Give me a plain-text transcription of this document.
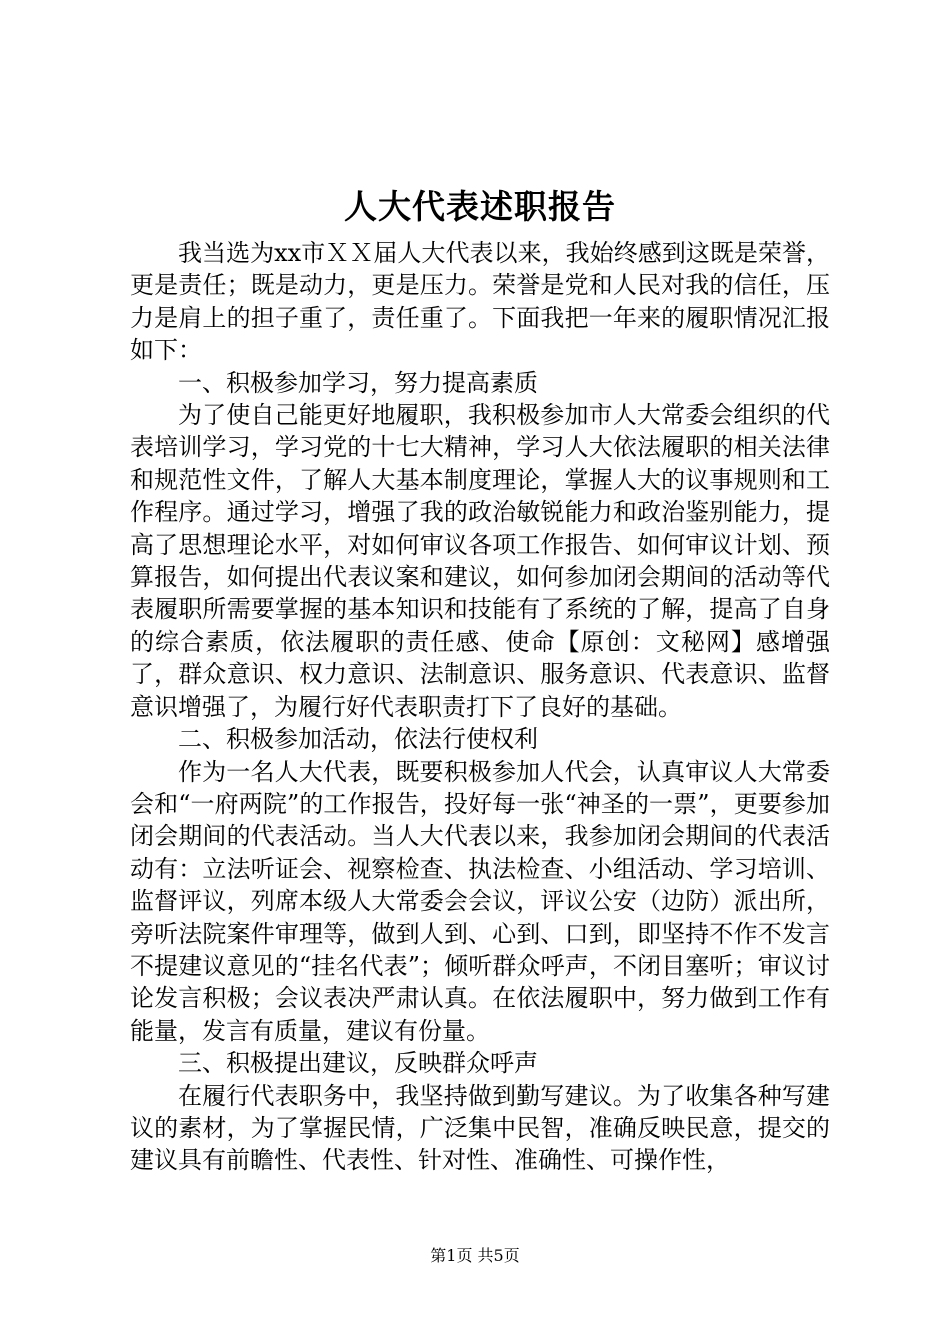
人大代表述职报告

我当选为xx市ＸＸ届人大代表以来，我始终感到这既是荣誉，更是责任；既是动力，更是压力。荣誉是党和人民对我的信任，压力是肩上的担子重了，责任重了。下面我把一年来的履职情况汇报如下：

一、积极参加学习，努力提高素质

为了使自己能更好地履职，我积极参加市人大常委会组织的代表培训学习，学习党的十七大精神，学习人大依法履职的相关法律和规范性文件，了解人大基本制度理论，掌握人大的议事规则和工作程序。通过学习，增强了我的政治敏锐能力和政治鉴别能力，提高了思想理论水平，对如何审议各项工作报告、如何审议计划、预算报告，如何提出代表议案和建议，如何参加闭会期间的活动等代表履职所需要掌握的基本知识和技能有了系统的了解，提高了自身的综合素质，依法履职的责任感、使命【原创：文秘网】感增强了，群众意识、权力意识、法制意识、服务意识、代表意识、监督意识增强了，为履行好代表职责打下了良好的基础。

二、积极参加活动，依法行使权利

作为一名人大代表，既要积极参加人代会，认真审议人大常委会和“一府两院”的工作报告，投好每一张“神圣的一票”，更要参加闭会期间的代表活动。当人大代表以来，我参加闭会期间的代表活动有：立法听证会、视察检查、执法检查、小组活动、学习培训、监督评议，列席本级人大常委会会议，评议公安（边防）派出所，旁听法院案件审理等，做到人到、心到、口到，即坚持不作不发言不提建议意见的“挂名代表”；倾听群众呼声，不闭目塞听；审议讨论发言积极；会议表决严肃认真。在依法履职中，努力做到工作有能量，发言有质量，建议有份量。

三、积极提出建议，反映群众呼声

在履行代表职务中，我坚持做到勤写建议。为了收集各种写建议的素材，为了掌握民情，广泛集中民智，准确反映民意，提交的建议具有前瞻性、代表性、针对性、准确性、可操作性，

第1页 共5页
